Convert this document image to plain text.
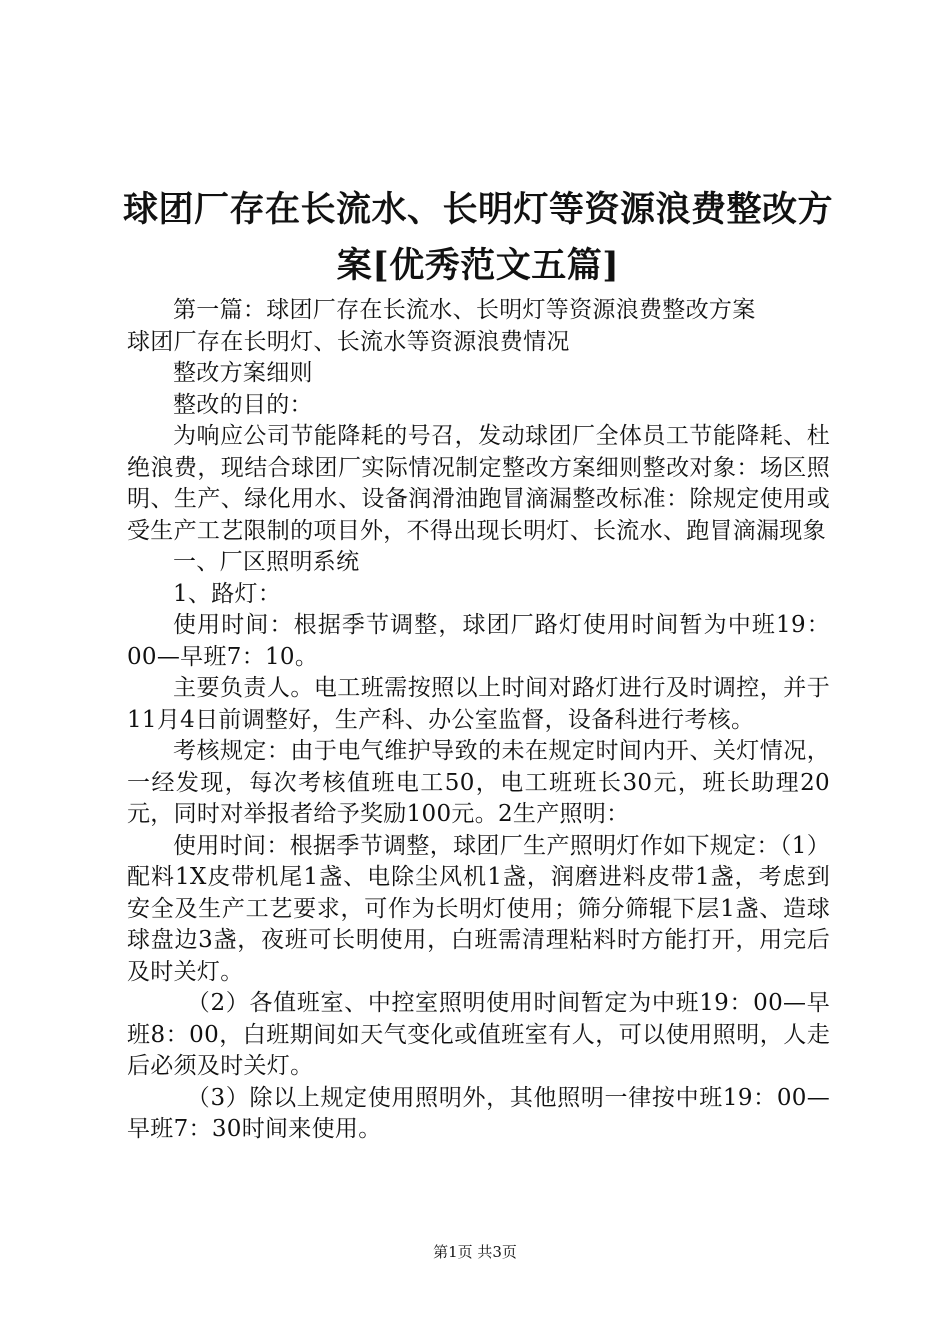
球团厂存在长流水、长明灯等资源浪费整改方
案[优秀范文五篇]

第一篇：球团厂存在长流水、长明灯等资源浪费整改方案

球团厂存在长明灯、长流水等资源浪费情况

整改方案细则

整改的目的：

为响应公司节能降耗的号召，发动球团厂全体员工节能降耗、杜绝浪费，现结合球团厂实际情况制定整改方案细则整改对象：场区照明、生产、绿化用水、设备润滑油跑冒滴漏整改标准：除规定使用或受生产工艺限制的项目外，不得出现长明灯、长流水、跑冒滴漏现象

一、厂区照明系统

1、路灯：

使用时间：根据季节调整，球团厂路灯使用时间暂为中班19：00—早班7：10。

主要负责人。电工班需按照以上时间对路灯进行及时调控，并于11月4日前调整好，生产科、办公室监督，设备科进行考核。

考核规定：由于电气维护导致的未在规定时间内开、关灯情况，一经发现，每次考核值班电工50，电工班班长30元，班长助理20元，同时对举报者给予奖励100元。2生产照明：

使用时间：根据季节调整，球团厂生产照明灯作如下规定：（1）配料1X皮带机尾1盏、电除尘风机1盏，润磨进料皮带1盏，考虑到安全及生产工艺要求，可作为长明灯使用；筛分筛辊下层1盏、造球球盘边3盏，夜班可长明使用，白班需清理粘料时方能打开，用完后及时关灯。

（2）各值班室、中控室照明使用时间暂定为中班19：00—早班8：00，白班期间如天气变化或值班室有人，可以使用照明，人走后必须及时关灯。

（3）除以上规定使用照明外，其他照明一律按中班19：00—早班7：30时间来使用。

第1页 共3页
